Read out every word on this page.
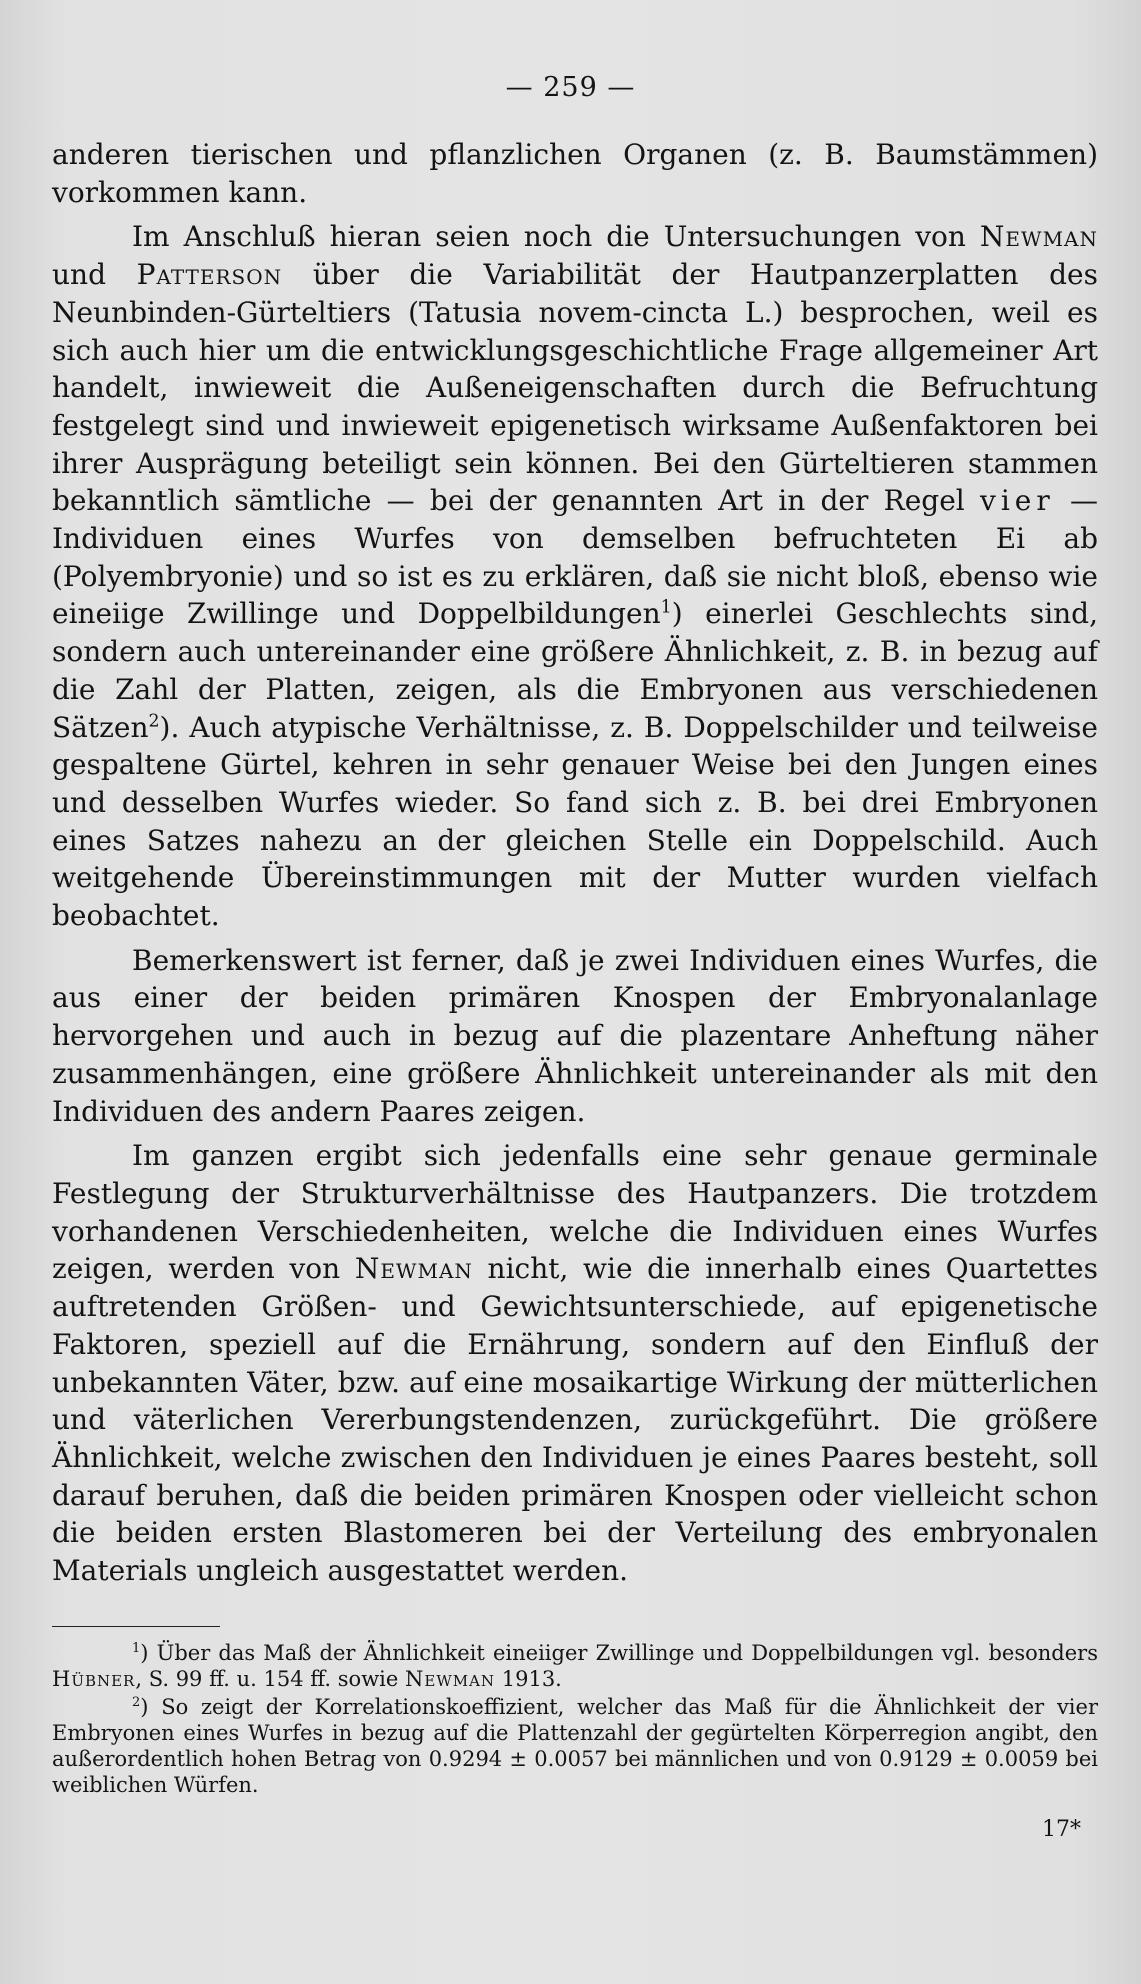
— 259 —

anderen tierischen und pflanzlichen Organen (z. B. Baumstämmen) vorkommen kann.

Im Anschluß hieran seien noch die Untersuchungen von Newman und Patterson über die Variabilität der Hautpanzerplatten des Neunbinden-Gürteltiers (Tatusia novem-cincta L.) besprochen, weil es sich auch hier um die entwicklungsgeschichtliche Frage allgemeiner Art handelt, inwieweit die Außeneigenschaften durch die Befruchtung festgelegt sind und inwieweit epigenetisch wirksame Außenfaktoren bei ihrer Ausprägung beteiligt sein können. Bei den Gürteltieren stammen bekanntlich sämtliche — bei der genannten Art in der Regel vier — Individuen eines Wurfes von demselben befruchteten Ei ab (Polyembryonie) und so ist es zu erklären, daß sie nicht bloß, ebenso wie eineiige Zwillinge und Doppelbildungen$^1$) einerlei Geschlechts sind, sondern auch untereinander eine größere Ähnlichkeit, z. B. in bezug auf die Zahl der Platten, zeigen, als die Embryonen aus verschiedenen Sätzen$^2$). Auch atypische Verhältnisse, z. B. Doppelschilder und teilweise gespaltene Gürtel, kehren in sehr genauer Weise bei den Jungen eines und desselben Wurfes wieder. So fand sich z. B. bei drei Embryonen eines Satzes nahezu an der gleichen Stelle ein Doppelschild. Auch weitgehende Übereinstimmungen mit der Mutter wurden vielfach beobachtet.

Bemerkenswert ist ferner, daß je zwei Individuen eines Wurfes, die aus einer der beiden primären Knospen der Embryonalanlage hervorgehen und auch in bezug auf die plazentare Anheftung näher zusammenhängen, eine größere Ähnlichkeit untereinander als mit den Individuen des andern Paares zeigen.

Im ganzen ergibt sich jedenfalls eine sehr genaue germinale Festlegung der Strukturverhältnisse des Hautpanzers. Die trotzdem vorhandenen Verschiedenheiten, welche die Individuen eines Wurfes zeigen, werden von Newman nicht, wie die innerhalb eines Quartettes auftretenden Größen- und Gewichtsunterschiede, auf epigenetische Faktoren, speziell auf die Ernährung, sondern auf den Einfluß der unbekannten Väter, bzw. auf eine mosaikartige Wirkung der mütterlichen und väterlichen Vererbungstendenzen, zurückgeführt. Die größere Ähnlichkeit, welche zwischen den Individuen je eines Paares besteht, soll darauf beruhen, daß die beiden primären Knospen oder vielleicht schon die beiden ersten Blastomeren bei der Verteilung des embryonalen Materials ungleich ausgestattet werden.

$^1$) Über das Maß der Ähnlichkeit eineiiger Zwillinge und Doppelbildungen vgl. besonders Hübner, S. 99 ff. u. 154 ff. sowie Newman 1913.

$^2$) So zeigt der Korrelationskoeffizient, welcher das Maß für die Ähnlichkeit der vier Embryonen eines Wurfes in bezug auf die Plattenzahl der gegürtelten Körperregion angibt, den außerordentlich hohen Betrag von 0.9294 ± 0.0057 bei männlichen und von 0.9129 ± 0.0059 bei weiblichen Würfen.

17*
